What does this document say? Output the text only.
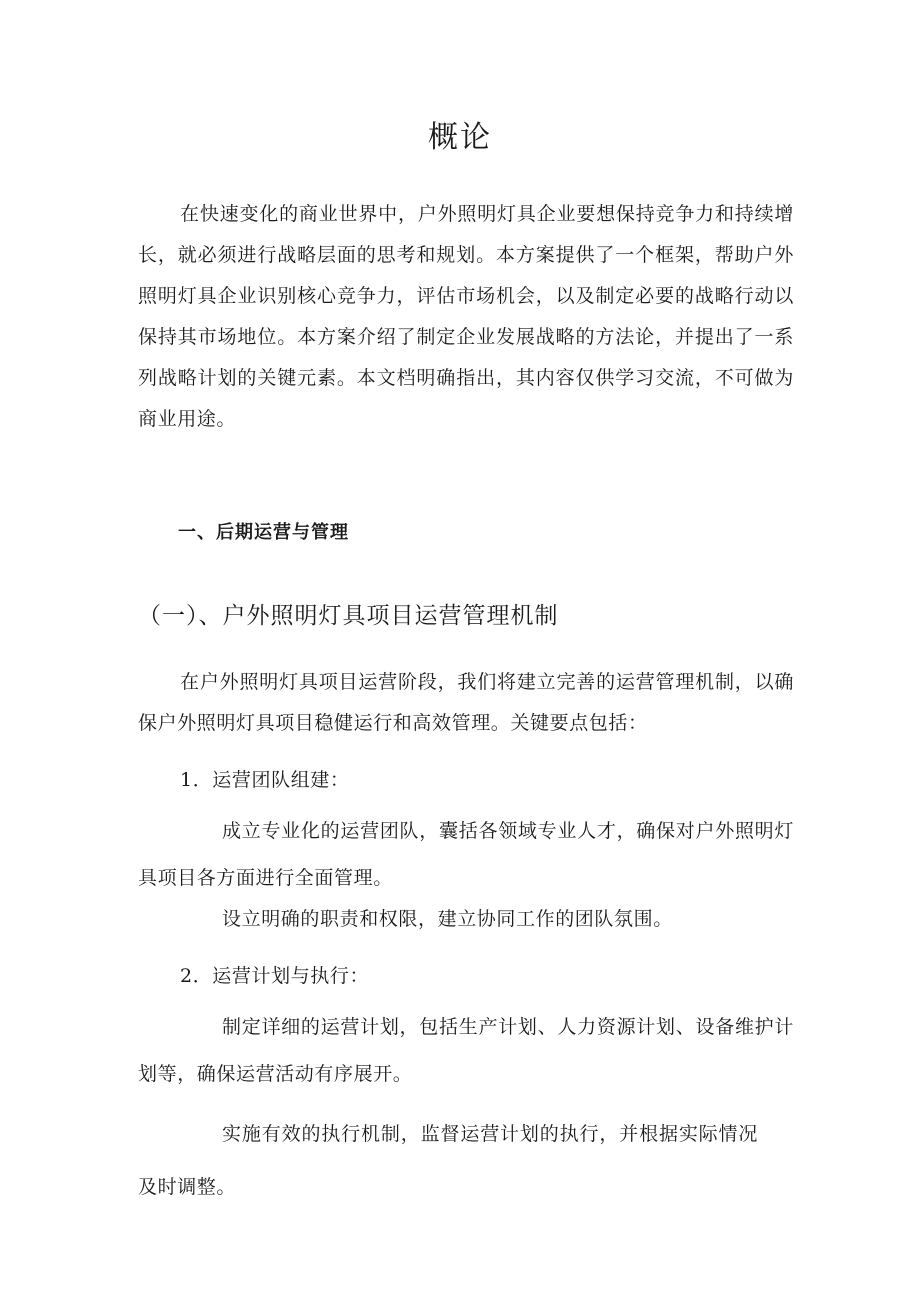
概论

在快速变化的商业世界中，户外照明灯具企业要想保持竞争力和持续增长，就必须进行战略层面的思考和规划。本方案提供了一个框架，帮助户外照明灯具企业识别核心竞争力，评估市场机会，以及制定必要的战略行动以保持其市场地位。本方案介绍了制定企业发展战略的方法论，并提出了一系列战略计划的关键元素。本文档明确指出，其内容仅供学习交流，不可做为商业用途。

一、后期运营与管理
（一）、户外照明灯具项目运营管理机制

在户外照明灯具项目运营阶段，我们将建立完善的运营管理机制，以确保户外照明灯具项目稳健运行和高效管理。关键要点包括：

1．运营团队组建：

成立专业化的运营团队，囊括各领域专业人才，确保对户外照明灯具项目各方面进行全面管理。

设立明确的职责和权限，建立协同工作的团队氛围。

2．运营计划与执行：

制定详细的运营计划，包括生产计划、人力资源计划、设备维护计划等，确保运营活动有序展开。

实施有效的执行机制，监督运营计划的执行，并根据实际情况及时调整。
